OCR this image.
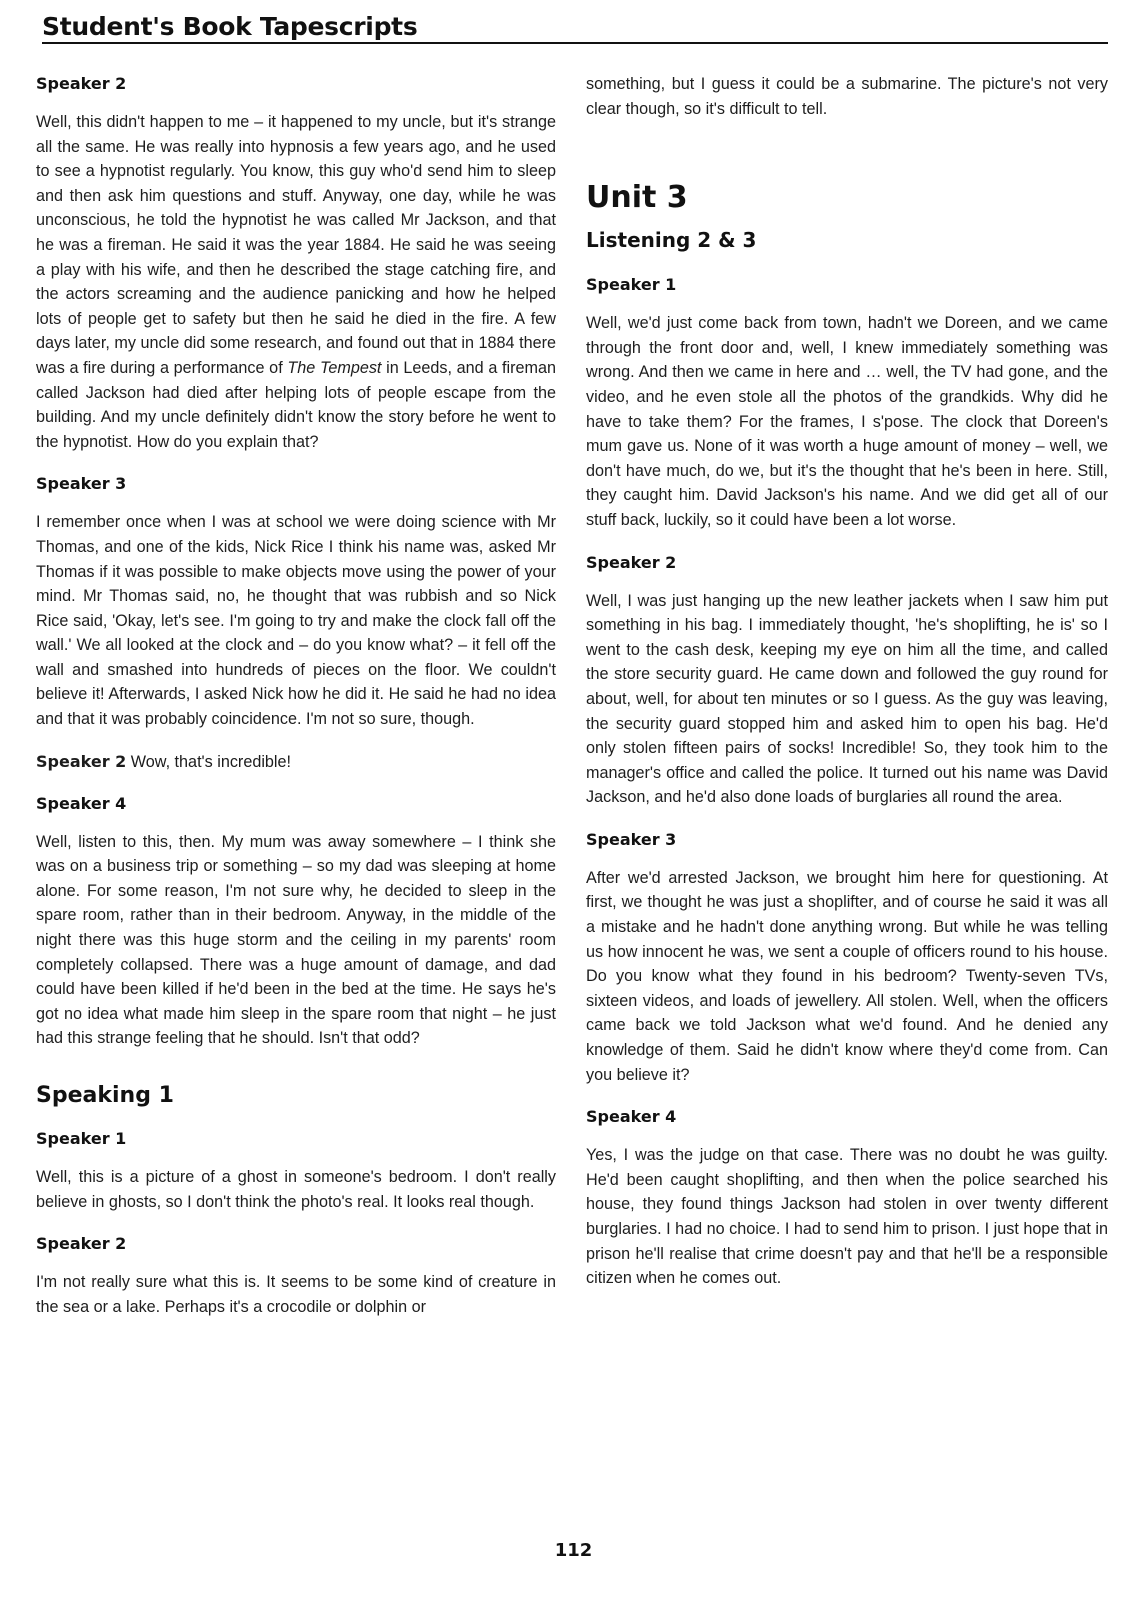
Student's Book Tapescripts
Speaker 2

Well, this didn't happen to me – it happened to my uncle, but it's strange all the same. He was really into hypnosis a few years ago, and he used to see a hypnotist regularly. You know, this guy who'd send him to sleep and then ask him questions and stuff. Anyway, one day, while he was unconscious, he told the hypnotist he was called Mr Jackson, and that he was a fireman. He said it was the year 1884. He said he was seeing a play with his wife, and then he described the stage catching fire, and the actors screaming and the audience panicking and how he helped lots of people get to safety but then he said he died in the fire. A few days later, my uncle did some research, and found out that in 1884 there was a fire during a performance of The Tempest in Leeds, and a fireman called Jackson had died after helping lots of people escape from the building. And my uncle definitely didn't know the story before he went to the hypnotist. How do you explain that?

Speaker 3

I remember once when I was at school we were doing science with Mr Thomas, and one of the kids, Nick Rice I think his name was, asked Mr Thomas if it was possible to make objects move using the power of your mind. Mr Thomas said, no, he thought that was rubbish and so Nick Rice said, 'Okay, let's see. I'm going to try and make the clock fall off the wall.' We all looked at the clock and – do you know what? – it fell off the wall and smashed into hundreds of pieces on the floor. We couldn't believe it! Afterwards, I asked Nick how he did it. He said he had no idea and that it was probably coincidence. I'm not so sure, though.

Speaker 2 Wow, that's incredible!

Speaker 4

Well, listen to this, then. My mum was away somewhere – I think she was on a business trip or something – so my dad was sleeping at home alone. For some reason, I'm not sure why, he decided to sleep in the spare room, rather than in their bedroom. Anyway, in the middle of the night there was this huge storm and the ceiling in my parents' room completely collapsed. There was a huge amount of damage, and dad could have been killed if he'd been in the bed at the time. He says he's got no idea what made him sleep in the spare room that night – he just had this strange feeling that he should. Isn't that odd?

Speaking 1
Speaker 1

Well, this is a picture of a ghost in someone's bedroom. I don't really believe in ghosts, so I don't think the photo's real. It looks real though.

Speaker 2

I'm not really sure what this is. It seems to be some kind of creature in the sea or a lake. Perhaps it's a crocodile or dolphin or

something, but I guess it could be a submarine. The picture's not very clear though, so it's difficult to tell.

Unit 3
Listening 2 & 3
Speaker 1

Well, we'd just come back from town, hadn't we Doreen, and we came through the front door and, well, I knew immediately something was wrong. And then we came in here and … well, the TV had gone, and the video, and he even stole all the photos of the grandkids. Why did he have to take them? For the frames, I s'pose. The clock that Doreen's mum gave us. None of it was worth a huge amount of money – well, we don't have much, do we, but it's the thought that he's been in here. Still, they caught him. David Jackson's his name. And we did get all of our stuff back, luckily, so it could have been a lot worse.

Speaker 2

Well, I was just hanging up the new leather jackets when I saw him put something in his bag. I immediately thought, 'he's shoplifting, he is' so I went to the cash desk, keeping my eye on him all the time, and called the store security guard. He came down and followed the guy round for about, well, for about ten minutes or so I guess. As the guy was leaving, the security guard stopped him and asked him to open his bag. He'd only stolen fifteen pairs of socks! Incredible! So, they took him to the manager's office and called the police. It turned out his name was David Jackson, and he'd also done loads of burglaries all round the area.

Speaker 3

After we'd arrested Jackson, we brought him here for questioning. At first, we thought he was just a shoplifter, and of course he said it was all a mistake and he hadn't done anything wrong. But while he was telling us how innocent he was, we sent a couple of officers round to his house. Do you know what they found in his bedroom? Twenty-seven TVs, sixteen videos, and loads of jewellery. All stolen. Well, when the officers came back we told Jackson what we'd found. And he denied any knowledge of them. Said he didn't know where they'd come from. Can you believe it?

Speaker 4

Yes, I was the judge on that case. There was no doubt he was guilty. He'd been caught shoplifting, and then when the police searched his house, they found things Jackson had stolen in over twenty different burglaries. I had no choice. I had to send him to prison. I just hope that in prison he'll realise that crime doesn't pay and that he'll be a responsible citizen when he comes out.

112
